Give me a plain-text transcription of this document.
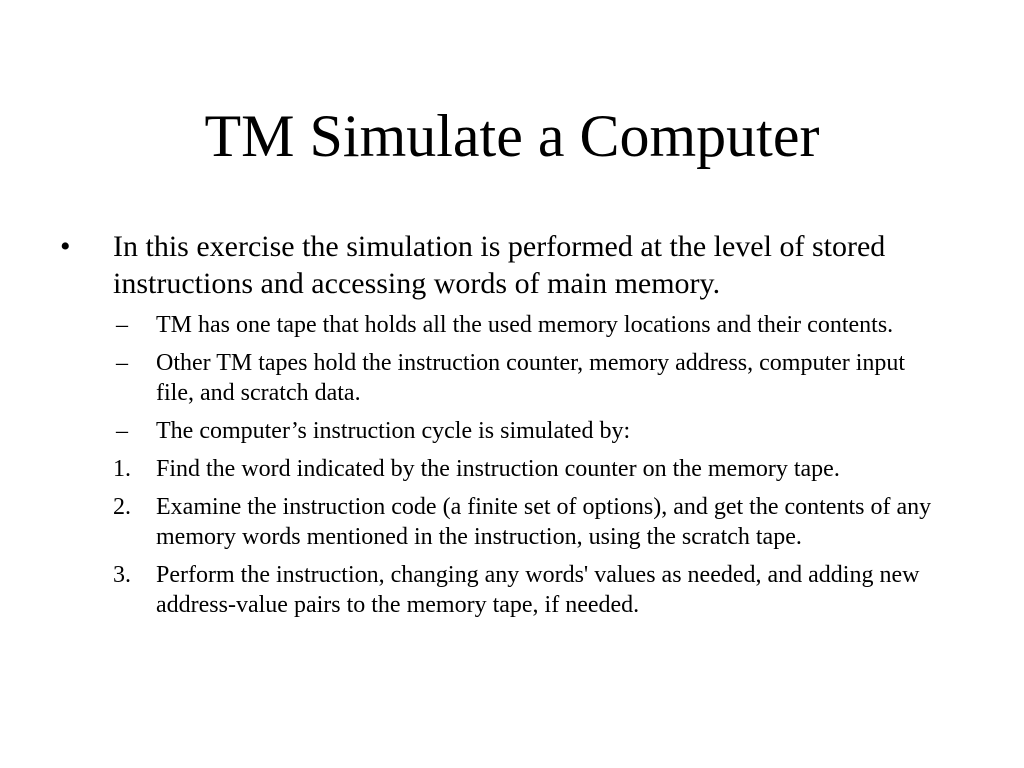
TM Simulate a Computer
• In this exercise the simulation is performed at the level of stored instructions and accessing words of main memory.
– TM has one tape that holds all the used memory locations and their contents.
– Other TM tapes hold the instruction counter, memory address, computer input file, and scratch data.
– The computer’s instruction cycle is simulated by:
1. Find the word indicated by the instruction counter on the memory tape.
2. Examine the instruction code (a finite set of options), and get the contents of any memory words mentioned in the instruction, using the scratch tape.
3. Perform the instruction, changing any words' values as needed, and adding new address-value pairs to the memory tape, if needed.
